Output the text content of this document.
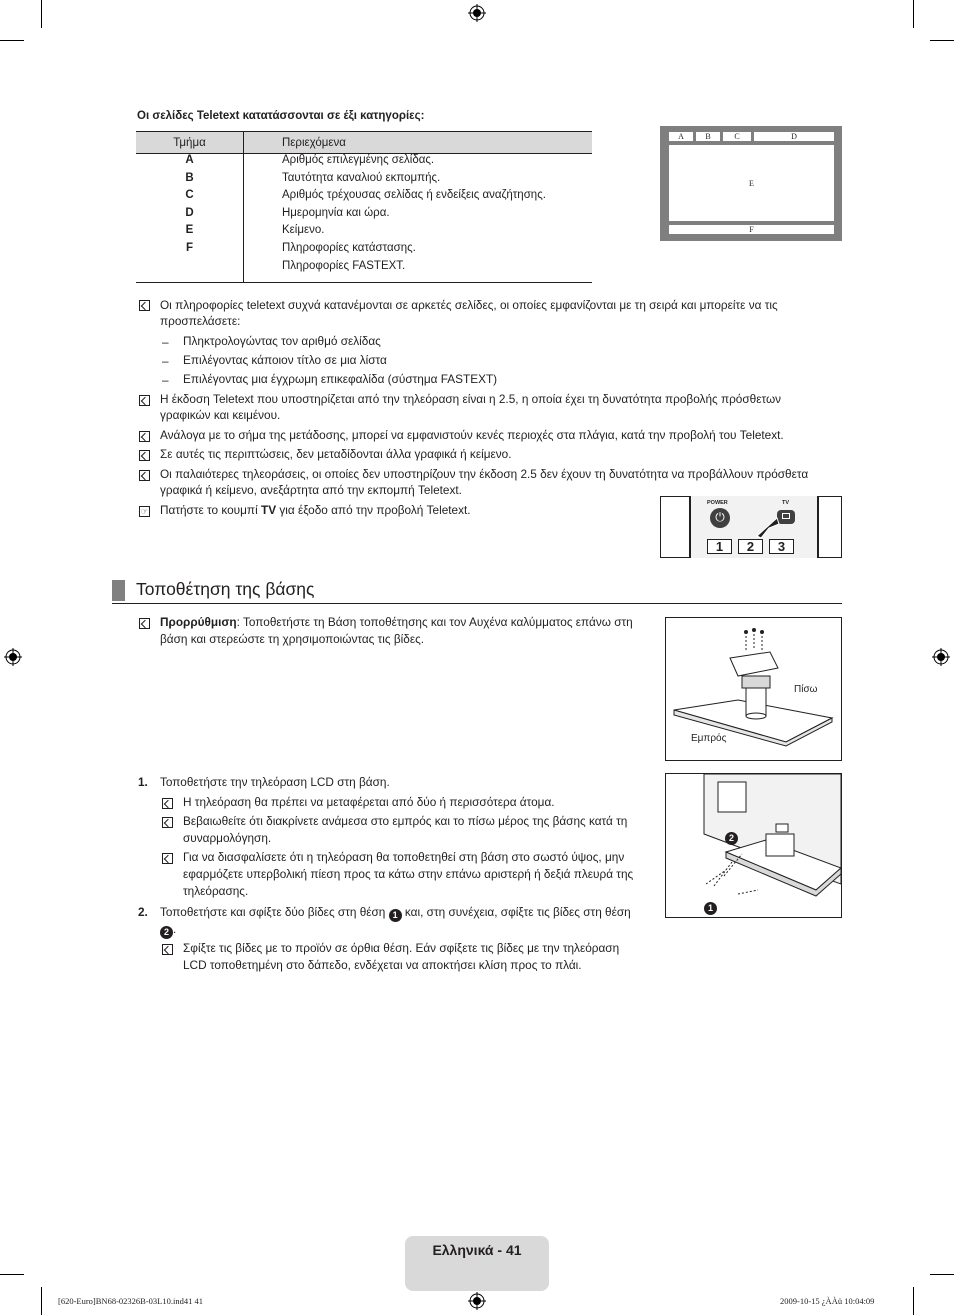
Οι σελίδες Teletext κατατάσσονται σε έξι κατηγορίες:
Τμήμα	Περιεχόμενα
A	Αριθμός επιλεγμένης σελίδας.
B	Ταυτότητα καναλιού εκπομπής.
C	Αριθμός τρέχουσας σελίδας ή ενδείξεις αναζήτησης.
D	Ημερομηνία και ώρα.
E	Κείμενο.
F	Πληροφορίες κατάστασης.
	Πληροφορίες FASTEXT.
A	B	C	D
E
F
Οι πληροφορίες teletext συχνά κατανέμονται σε αρκετές σελίδες, οι οποίες εμφανίζονται με τη σειρά και μπορείτε να τις
προσπελάσετε:
– Πληκτρολογώντας τον αριθμό σελίδας
– Επιλέγοντας κάποιον τίτλο σε μια λίστα
– Επιλέγοντας μια έγχρωμη επικεφαλίδα (σύστημα FASTEXT)
Η έκδοση Teletext που υποστηρίζεται από την τηλεόραση είναι η 2.5, η οποία έχει τη δυνατότητα προβολής πρόσθετων
γραφικών και κειμένου.
Ανάλογα με το σήμα της μετάδοσης, μπορεί να εμφανιστούν κενές περιοχές στα πλάγια, κατά την προβολή του Teletext.
Σε αυτές τις περιπτώσεις, δεν μεταδίδονται άλλα γραφικά ή κείμενο.
Οι παλαιότερες τηλεοράσεις, οι οποίες δεν υποστηρίζουν την έκδοση 2.5 δεν έχουν τη δυνατότητα να προβάλλουν πρόσθετα
γραφικά ή κείμενο, ανεξάρτητα από την εκπομπή Teletext.
☞ Πατήστε το κουμπί TV για έξοδο από την προβολή Teletext.	POWER
⏻
TV
1	2	3
Τοποθέτηση της βάσης
Προρρύθμιση: Τοποθετήστε τη Βάση τοποθέτησης και τον Αυχένα καλύμματος επάνω στη
βάση και στερεώστε τη χρησιμοποιώντας τις βίδες.
Πίσω
Εμπρός
2
1
1. Τοποθετήστε την τηλεόραση LCD στη βάση.
Η τηλεόραση θα πρέπει να μεταφέρεται από δύο ή περισσότερα άτομα.
Βεβαιωθείτε ότι διακρίνετε ανάμεσα στο εμπρός και το πίσω μέρος της βάσης κατά τη
συναρμολόγηση.
Για να διασφαλίσετε ότι η τηλεόραση θα τοποθετηθεί στη βάση στο σωστό ύψος, μην
εφαρμόζετε υπερβολική πίεση προς τα κάτω στην επάνω αριστερή ή δεξιά πλευρά της
τηλεόρασης.
2. Τοποθετήστε και σφίξτε δύο βίδες στη θέση 1 και, στη συνέχεια, σφίξτε τις βίδες στη θέση
2 .
Σφίξτε τις βίδες με το προϊόν σε όρθια θέση. Εάν σφίξετε τις βίδες με την τηλεόραση
LCD τοποθετημένη στο δάπεδο, ενδέχεται να αποκτήσει κλίση προς το πλάι.
Ελληνικά - 41
[620-Euro]BN68-02326B-03L10.ind41 41	2009-10-15 ¿ÀÀü 10:04:09
